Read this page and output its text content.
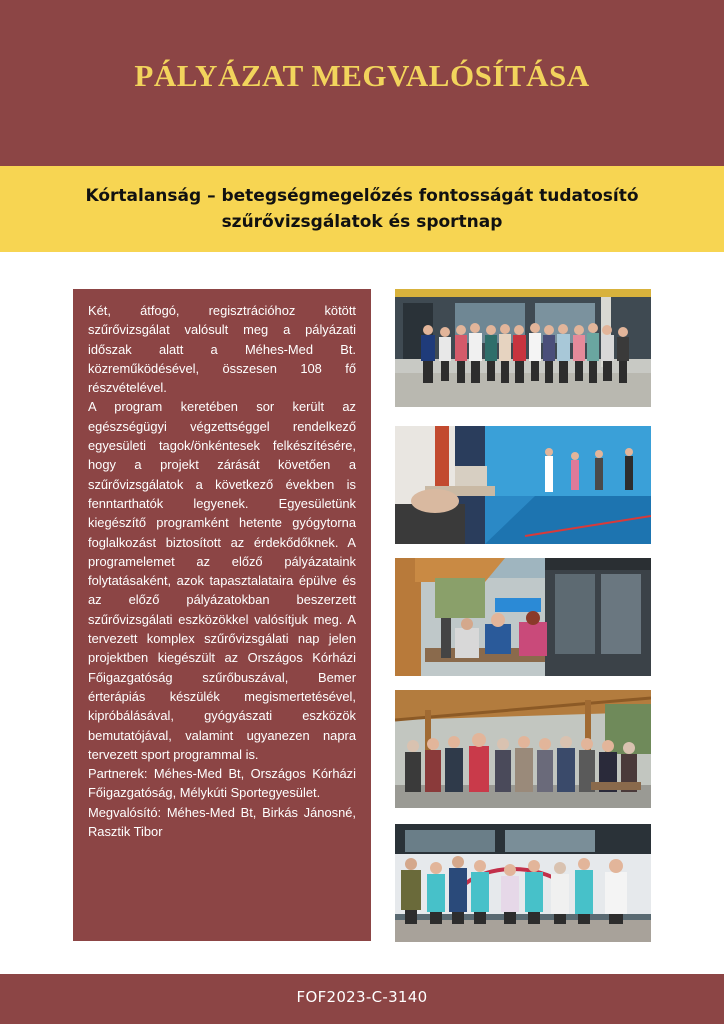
PÁLYÁZAT MEGVALÓSÍTÁSA
Kórtalanság – betegségmegelőzés fontosságát tudatosító
szűrővizsgálatok és sportnap

Két, átfogó, regisztrációhoz kötött szűrővizsgálat valósult meg a pályázati időszak alatt a Méhes-Med Bt. közreműködésével, összesen 108 fő részvételével.

A program keretében sor került az egészségügyi végzettséggel rendelkező egyesületi tagok/önkéntesek felkészítésére, hogy a projekt zárását követően a szűrővizsgálatok a következő években is fenntarthatók legyenek. Egyesületünk kiegészítő programként hetente gyógytorna foglalkozást biztosított az érdekődőknek. A programelemet az előző pályázataink folytatásaként, azok tapasztalataira épülve és az előző pályázatokban beszerzett szűrővizsgálati eszközökkel valósítjuk meg. A tervezett komplex szűrővizsgálati nap jelen projektben kiegészült az Országos Kórházi Főigazgatóság szűrőbuszával, Bemer érterápiás készülék megismertetésével, kipróbálásával, gyógyászati eszközök bemutatójával, valamint ugyanezen napra tervezett sport programmal is.

Partnerek: Méhes-Med Bt, Országos Kórházi Főigazgatóság, Mélykúti Sportegyesület.

Megvalósító: Méhes-Med Bt, Birkás Jánosné, Rasztik Tibor

FOF2023-C-3140
